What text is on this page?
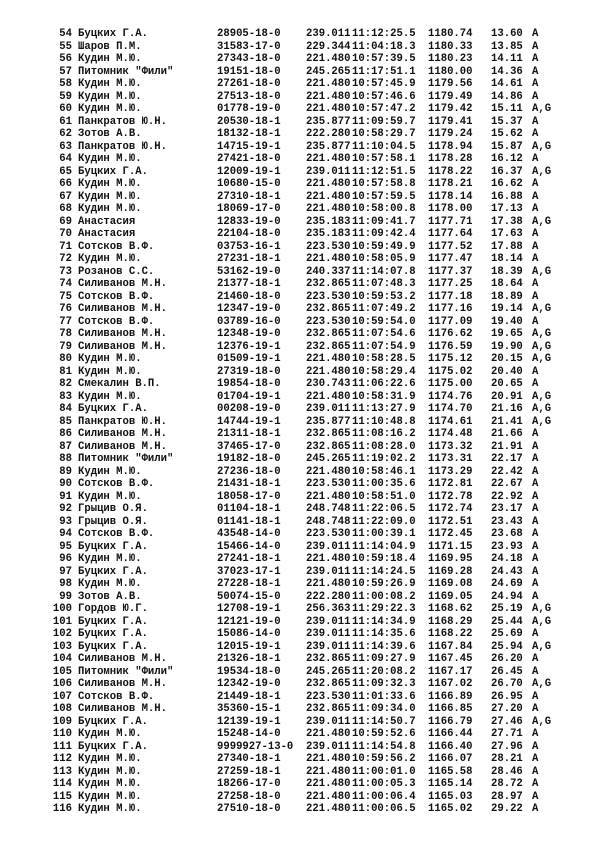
54 Буцких Г.А.	28905-18-0 239.011 11:12:25.5 1180.74 13.60 A
55 Шаров П.М.	31583-17-0 229.344 11:04:18.3 1180.33 13.85 A
56 Кудин М.Ю.	27343-18-0 221.480 10:57:39.5 1180.23 14.11 A
57 Питомник "Фили"	19151-18-0 245.265 11:17:51.1 1180.00 14.36 A
58 Кудин М.Ю.	27261-18-0 221.480 10:57:45.9 1179.56 14.61 A
59 Кудин М.Ю.	27513-18-0 221.480 10:57:46.6 1179.49 14.86 A
60 Кудин М.Ю.	01778-19-0 221.480 10:57:47.2 1179.42 15.11 A,G
61 Панкратов Ю.Н.	20530-18-1 235.877 11:09:59.7 1179.41 15.37 A
62 Зотов А.В.	18132-18-1 222.280 10:58:29.7 1179.24 15.62 A
63 Панкратов Ю.Н.	14715-19-1 235.877 11:10:04.5 1178.94 15.87 A,G
64 Кудин М.Ю.	27421-18-0 221.480 10:57:58.1 1178.28 16.12 A
65 Буцких Г.А.	12009-19-1 239.011 11:12:51.5 1178.22 16.37 A,G
66 Кудин М.Ю.	10680-15-0 221.480 10:57:58.8 1178.21 16.62 A
67 Кудин М.Ю.	27310-18-1 221.480 10:57:59.5 1178.14 16.88 A
68 Кудин М.Ю.	18069-17-0 221.480 10:58:00.8 1178.00 17.13 A
69 Анастасия	12833-19-0 235.183 11:09:41.7 1177.71 17.38 A,G
70 Анастасия	22104-18-0 235.183 11:09:42.4 1177.64 17.63 A
71 Сотсков В.Ф.	03753-16-1 223.530 10:59:49.9 1177.52 17.88 A
72 Кудин М.Ю.	27231-18-1 221.480 10:58:05.9 1177.47 18.14 A
73 Розанов С.С.	53162-19-0 240.337 11:14:07.8 1177.37 18.39 A,G
74 Силиванов М.Н.	21377-18-1 232.865 11:07:48.3 1177.25 18.64 A
75 Сотсков В.Ф.	21460-18-0 223.530 10:59:53.2 1177.18 18.89 A
76 Силиванов М.Н.	12347-19-0 232.865 11:07:49.2 1177.16 19.14 A,G
77 Сотсков В.Ф.	03789-16-0 223.530 10:59:54.0 1177.09 19.40 A
78 Силиванов М.Н.	12348-19-0 232.865 11:07:54.6 1176.62 19.65 A,G
79 Силиванов М.Н.	12376-19-1 232.865 11:07:54.9 1176.59 19.90 A,G
80 Кудин М.Ю.	01509-19-1 221.480 10:58:28.5 1175.12 20.15 A,G
81 Кудин М.Ю.	27319-18-0 221.480 10:58:29.4 1175.02 20.40 A
82 Смекалин В.П.	19854-18-0 230.743 11:06:22.6 1175.00 20.65 A
83 Кудин М.Ю.	01704-19-1 221.480 10:58:31.9 1174.76 20.91 A,G
84 Буцких Г.А.	00208-19-0 239.011 11:13:27.9 1174.70 21.16 A,G
85 Панкратов Ю.Н.	14744-19-1 235.877 11:10:48.8 1174.61 21.41 A,G
86 Силиванов М.Н.	21311-18-1 232.865 11:08:16.2 1174.48 21.66 A
87 Силиванов М.Н.	37465-17-0 232.865 11:08:28.0 1173.32 21.91 A
88 Питомник "Фили"	19182-18-0 245.265 11:19:02.2 1173.31 22.17 A
89 Кудин М.Ю.	27236-18-0 221.480 10:58:46.1 1173.29 22.42 A
90 Сотсков В.Ф.	21431-18-1 223.530 11:00:35.6 1172.81 22.67 A
91 Кудин М.Ю.	18058-17-0 221.480 10:58:51.0 1172.78 22.92 A
92 Грыцив О.Я.	01104-18-1 248.748 11:22:06.5 1172.74 23.17 A
93 Грыцив О.Я.	01141-18-1 248.748 11:22:09.0 1172.51 23.43 A
94 Сотсков В.Ф.	43548-14-0 223.530 11:00:39.1 1172.45 23.68 A
95 Буцких Г.А.	15466-14-0 239.011 11:14:04.9 1171.15 23.93 A
96 Кудин М.Ю.	27241-18-1 221.480 10:59:18.4 1169.95 24.18 A
97 Буцких Г.А.	37023-17-1 239.011 11:14:24.5 1169.28 24.43 A
98 Кудин М.Ю.	27228-18-1 221.480 10:59:26.9 1169.08 24.69 A
99 Зотов А.В.	50074-15-0 222.280 11:00:08.2 1169.05 24.94 A
100 Гордов Ю.Г.	12708-19-1 256.363 11:29:22.3 1168.62 25.19 A,G
101 Буцких Г.А.	12121-19-0 239.011 11:14:34.9 1168.29 25.44 A,G
102 Буцких Г.А.	15086-14-0 239.011 11:14:35.6 1168.22 25.69 A
103 Буцких Г.А.	12015-19-1 239.011 11:14:39.6 1167.84 25.94 A,G
104 Силиванов М.Н.	21326-18-1 232.865 11:09:27.9 1167.45 26.20 A
105 Питомник "Фили"	19534-18-0 245.265 11:20:08.2 1167.17 26.45 A
106 Силиванов М.Н.	12342-19-0 232.865 11:09:32.3 1167.02 26.70 A,G
107 Сотсков В.Ф.	21449-18-1 223.530 11:01:33.6 1166.89 26.95 A
108 Силиванов М.Н.	35360-15-1 232.865 11:09:34.0 1166.85 27.20 A
109 Буцких Г.А.	12139-19-1 239.011 11:14:50.7 1166.79 27.46 A,G
110 Кудин М.Ю.	15248-14-0 221.480 10:59:52.6 1166.44 27.71 A
111 Буцких Г.А.	9999927-13-0 239.011 11:14:54.8 1166.40 27.96 A
112 Кудин М.Ю.	27340-18-1 221.480 10:59:56.2 1166.07 28.21 A
113 Кудин М.Ю.	27259-18-1 221.480 11:00:01.0 1165.58 28.46 A
114 Кудин М.Ю.	18266-17-0 221.480 11:00:05.3 1165.14 28.72 A
115 Кудин М.Ю.	27258-18-0 221.480 11:00:06.4 1165.03 28.97 A
116 Кудин М.Ю.	27510-18-0 221.480 11:00:06.5 1165.02 29.22 A
